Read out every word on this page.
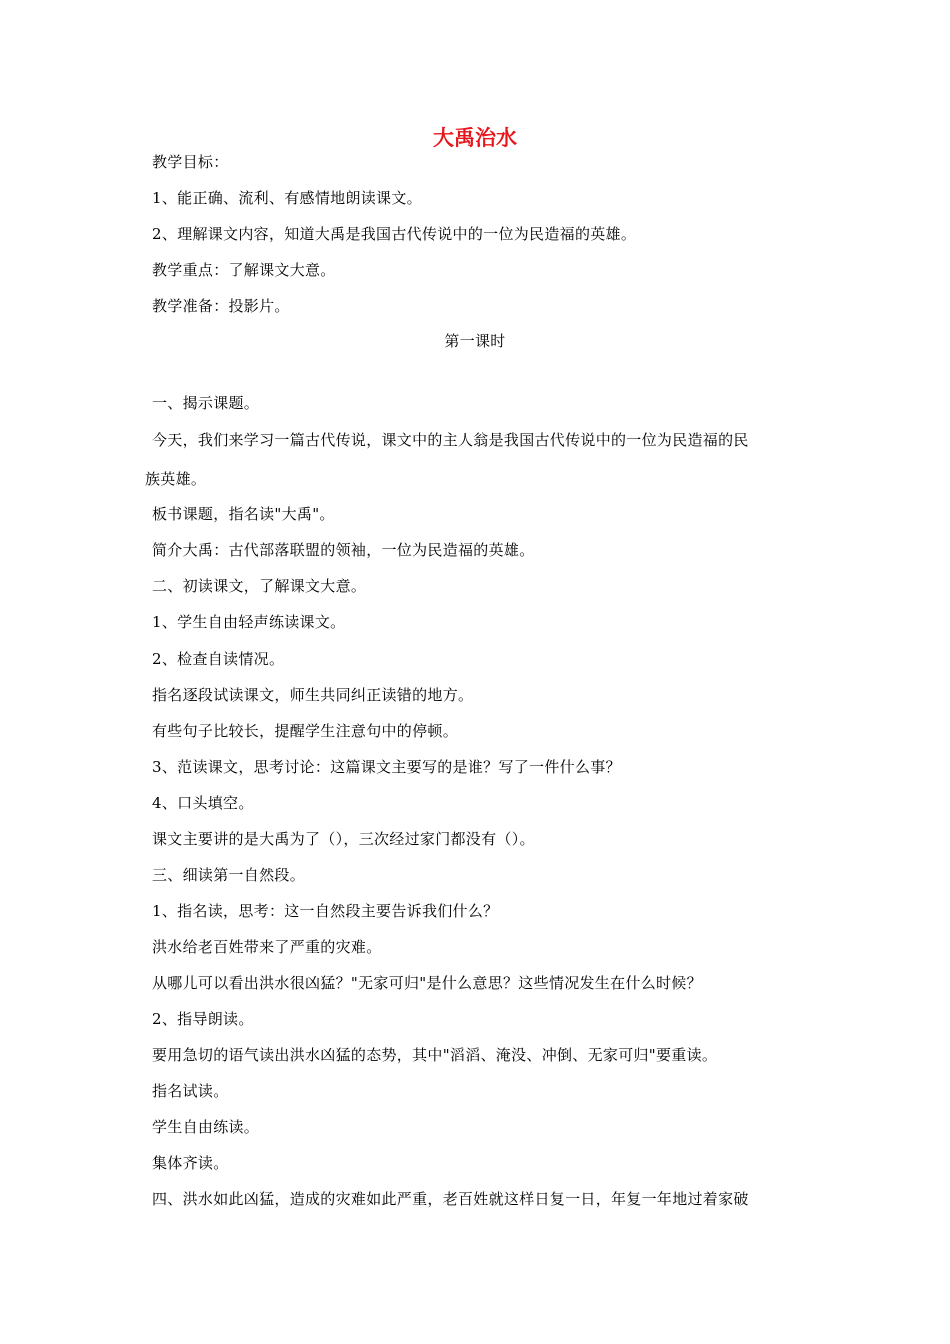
大禹治水
教学目标：
1、能正确、流利、有感情地朗读课文。
2、理解课文内容，知道大禹是我国古代传说中的一位为民造福的英雄。
教学重点：了解课文大意。
教学准备：投影片。
第一课时
一、揭示课题。
今天，我们来学习一篇古代传说，课文中的主人翁是我国古代传说中的一位为民造福的民
族英雄。
板书课题，指名读"大禹"。
简介大禹：古代部落联盟的领袖，一位为民造福的英雄。
二、初读课文，了解课文大意。
1、学生自由轻声练读课文。
2、检查自读情况。
指名逐段试读课文，师生共同纠正读错的地方。
有些句子比较长，提醒学生注意句中的停顿。
3、范读课文，思考讨论：这篇课文主要写的是谁？写了一件什么事？
4、口头填空。
课文主要讲的是大禹为了（），三次经过家门都没有（）。
三、细读第一自然段。
1、指名读，思考：这一自然段主要告诉我们什么？
洪水给老百姓带来了严重的灾难。
从哪儿可以看出洪水很凶猛？"无家可归"是什么意思？这些情况发生在什么时候？
2、指导朗读。
要用急切的语气读出洪水凶猛的态势，其中"滔滔、淹没、冲倒、无家可归"要重读。
指名试读。
学生自由练读。
集体齐读。
四、洪水如此凶猛，造成的灾难如此严重，老百姓就这样日复一日，年复一年地过着家破
